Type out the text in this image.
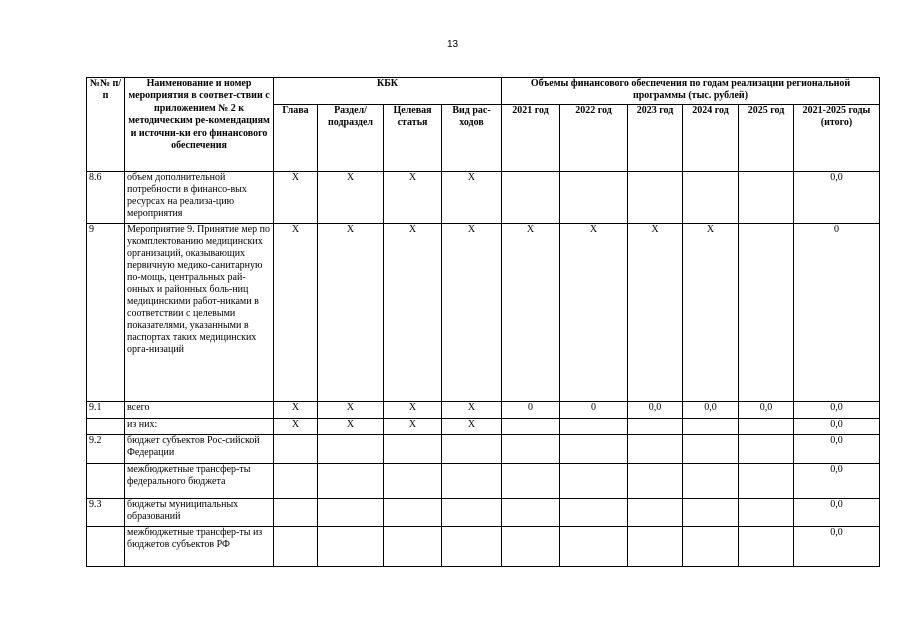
13
№№ п/п	Наименование и номер мероприятия в соответ-ствии с приложением № 2 к методическим ре-комендациям и источни-ки его финансового обеспечения	КБК				Объемы финансового обеспечения по годам реализации региональной программы (тыс. рублей)					
		Глава	Раздел/ подраздел	Целевая статья	Вид рас-ходов	2021 год	2022 год	2023 год	2024 год	2025 год	2021-2025 годы (итого)
8.6	объем дополнительной потребности в финансо-вых ресурсах на реализа-цию мероприятия	Х	Х	Х	Х						0,0
9	Мероприятие 9. Принятие мер по укомплектованию медицинских организаций, оказывающих первичную медико-санитарную по-мощь, центральных рай-онных и районных боль-ниц медицинскими работ-никами в соответствии с целевыми показателями, указанными в паспортах таких медицинских орга-низаций	Х	Х	Х	Х	Х	Х	Х	Х		0
9.1	всего	Х	Х	Х	Х	0	0	0,0	0,0	0,0	0,0
	из них:	Х	Х	Х	Х						0,0
9.2	бюджет субъектов Рос-сийской Федерации										0,0
	межбюджетные трансфер-ты федерального бюджета										0,0
9.3	бюджеты муниципальных образований										0,0
	межбюджетные трансфер-ты из бюджетов субъектов РФ										0,0
